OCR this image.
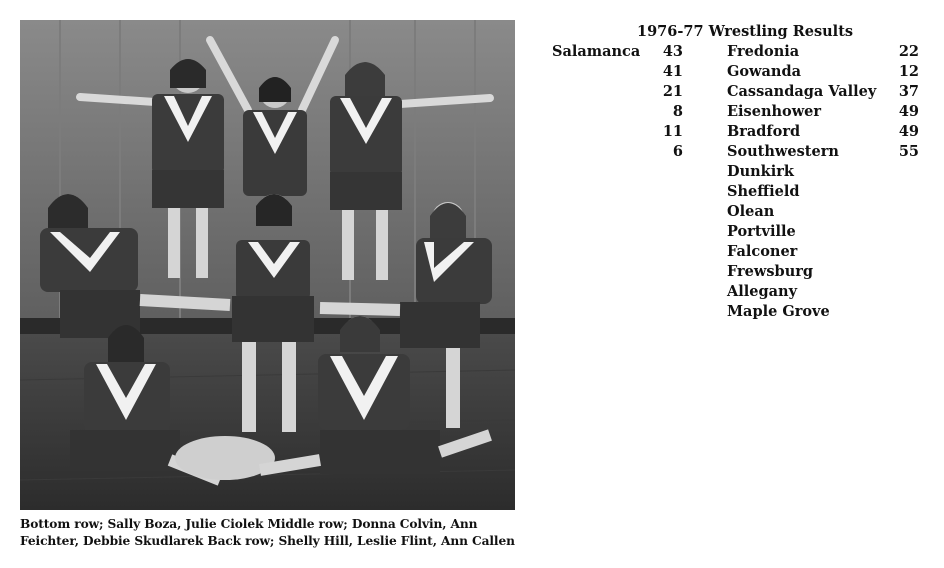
Bottom row; Sally Boza, Julie Ciolek Middle row; Donna Colvin, Ann Feichter, Debbie Skudlarek Back row; Shelly Hill, Leslie Flint, Ann Callen
1976-77 Wrestling Results
Salamanca 43	Fredonia	22
41	Gowanda	12
21	Cassandaga Valley 37
8	Eisenhower	49
11	Bradford	49
6	Southwestern	55
Dunkirk
Sheffield
Olean
Portville
Falconer
Frewsburg
Allegany
Maple Grove
